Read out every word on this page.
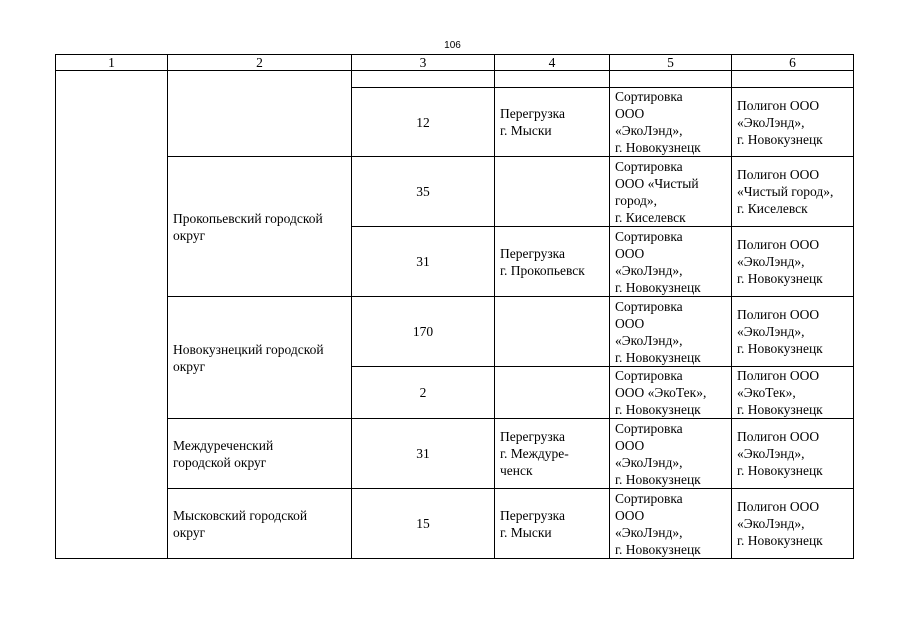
106
1	2	3	4	5	6

		12	Перегрузка
г. Мыски	Сортировка
ООО
«ЭкоЛэнд»,
г. Новокузнецк	Полигон ООО
«ЭкоЛэнд»,
г. Новокузнецк
	Прокопьевский городской
округ	35		Сортировка
ООО «Чистый
город»,
г. Киселевск	Полигон ООО
«Чистый город»,
г. Киселевск
		31	Перегрузка
г. Прокопьевск	Сортировка
ООО
«ЭкоЛэнд»,
г. Новокузнецк	Полигон ООО
«ЭкоЛэнд»,
г. Новокузнецк
	Новокузнецкий городской
округ	170		Сортировка
ООО
«ЭкоЛэнд»,
г. Новокузнецк	Полигон ООО
«ЭкоЛэнд»,
г. Новокузнецк
		2		Сортировка
ООО «ЭкоТек»,
г. Новокузнецк	Полигон ООО
«ЭкоТек»,
г. Новокузнецк
	Междуреченский
городской округ	31	Перегрузка
г. Междуре-
ченск	Сортировка
ООО
«ЭкоЛэнд»,
г. Новокузнецк	Полигон ООО
«ЭкоЛэнд»,
г. Новокузнецк
	Мысковский городской
округ	15	Перегрузка
г. Мыски	Сортировка
ООО
«ЭкоЛэнд»,
г. Новокузнецк	Полигон ООО
«ЭкоЛэнд»,
г. Новокузнецк
